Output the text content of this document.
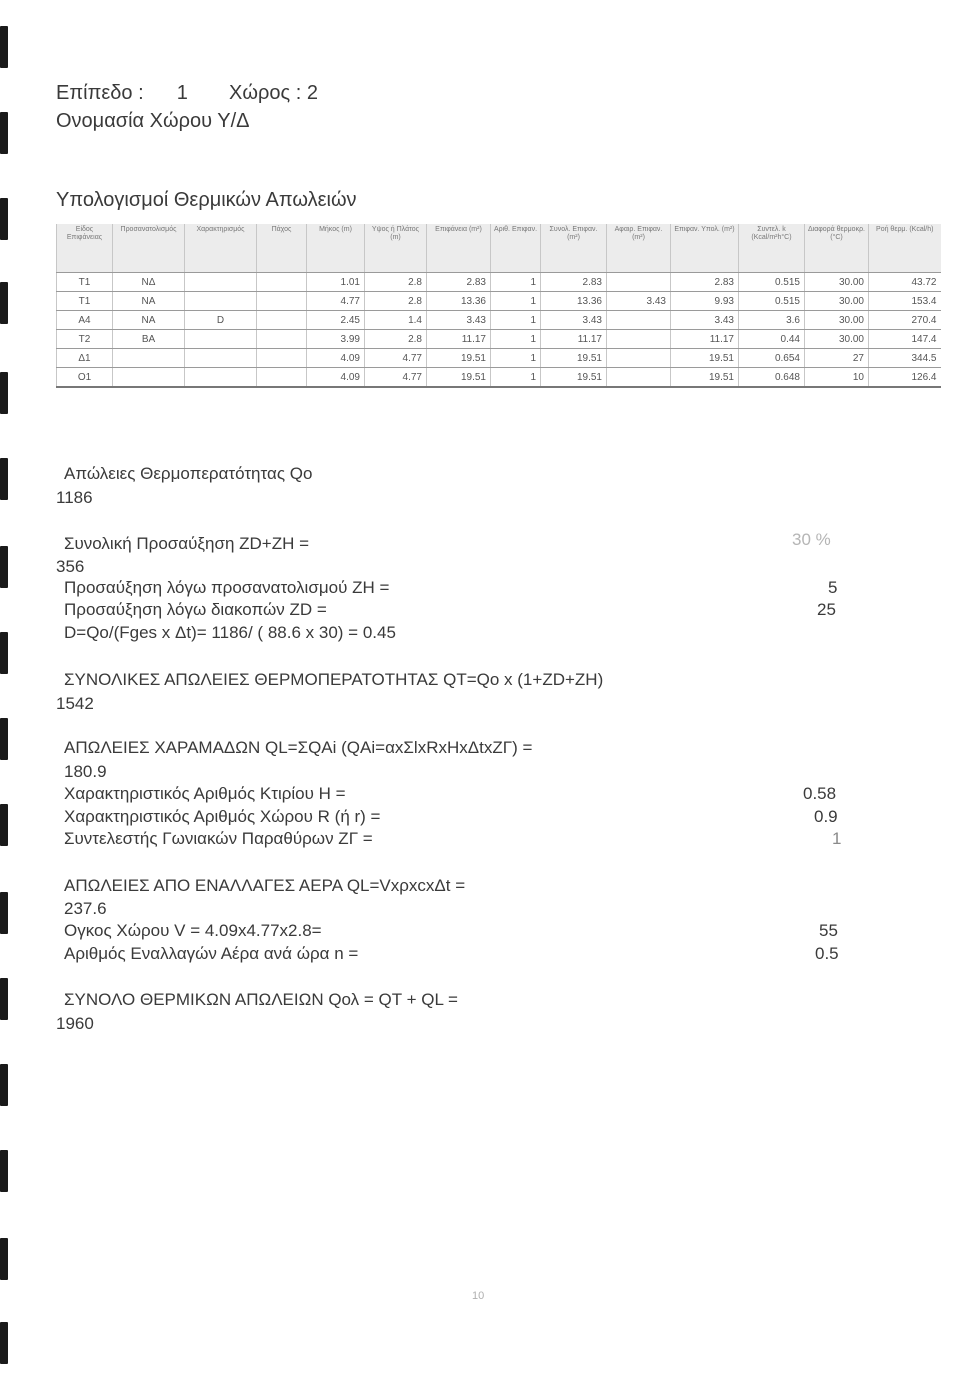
Επίπεδο : 1 Χώρος : 2
Ονομασία Χώρου Υ/Δ
Υπολογισμοί Θερμικών Απωλειών
Είδος Επιφάνειας	Προσανατολισμός	Χαρακτηρισμός	Πάχος	Μήκος (m)	Υψος ή Πλάτος (m)	Επιφάνεια (m²)	Αριθ. Επιφαν.	Συνολ. Επιφαν. (m²)	Αφαιρ. Επιφαν. (m²)	Επιφαν. Υπολ. (m²)	Συντελ. k (Kcal/m²h°C)	Διαφορά θερμοκρ. (°C)	Ροή θερμ. (Kcal/h)
T1	ΝΔ			1.01	2.8	2.83	1	2.83		2.83	0.515	30.00	43.72
T1	ΝΑ			4.77	2.8	13.36	1	13.36	3.43	9.93	0.515	30.00	153.4
A4	ΝΑ	D		2.45	1.4	3.43	1	3.43		3.43	3.6	30.00	270.4
T2	ΒΑ			3.99	2.8	11.17	1	11.17		11.17	0.44	30.00	147.4
Δ1				4.09	4.77	19.51	1	19.51		19.51	0.654	27	344.5
Ο1				4.09	4.77	19.51	1	19.51		19.51	0.648	10	126.4
Απώλειες Θερμοπερατότητας Qo
1186
Συνολική Προσαύξηση ZD+ZH =	30 %
356
Προσαύξηση λόγω προσανατολισμού ZH =	5
Προσαύξηση λόγω διακοπών ZD =	25
D=Qo/(Fges x Δt)= 1186/ ( 88.6 x 30) = 0.45
ΣΥΝΟΛΙΚΕΣ ΑΠΩΛΕΙΕΣ ΘΕΡΜΟΠΕΡΑΤΟΤΗΤΑΣ QT=Qo x (1+ZD+ZH)
1542
ΑΠΩΛΕΙΕΣ ΧΑΡΑΜΑΔΩΝ QL=ΣQAi (QAi=αxΣlxRxHxΔtxZΓ) =
180.9
Χαρακτηριστικός Αριθμός Κτιρίου H =	0.58
Χαρακτηριστικός Αριθμός Χώρου R (ή r) =	0.9
Συντελεστής Γωνιακών Παραθύρων ΖΓ =	1
ΑΠΩΛΕΙΕΣ ΑΠΟ ΕΝΑΛΛΑΓΕΣ ΑΕΡΑ QL=VxρxcxΔt =
237.6
Ογκος Χώρου V = 4.09x4.77x2.8=	55
Αριθμός Εναλλαγών Αέρα ανά ώρα n =	0.5
ΣΥΝΟΛΟ ΘΕΡΜΙΚΩΝ ΑΠΩΛΕΙΩΝ Qολ = QT + QL =
1960
10
